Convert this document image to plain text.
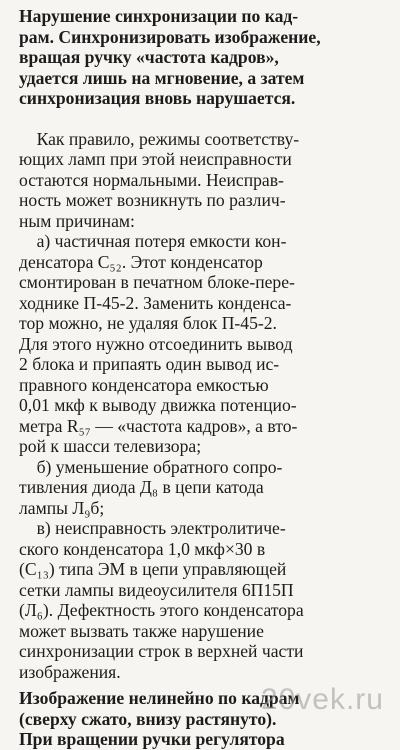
Нарушение синхронизации по кад-
рам. Синхронизировать изображение,
вращая ручку «частота кадров»,
удается лишь на мгновение, а затем
синхронизация вновь нарушается.

Как правило, режимы соответству-
ющих ламп при этой неисправности
остаются нормальными. Неисправ-
ность может возникнуть по различ-
ным причинам:

а) частичная потеря емкости кон-
денсатора С₅₂. Этот конденсатор
смонтирован в печатном блоке-пере-
ходнике П-45-2. Заменить конденса-
тор можно, не удаляя блок П-45-2.
Для этого нужно отсоединить вывод
2 блока и припаять один вывод ис-
правного конденсатора емкостью
0,01 мкф к выводу движка потенцио-
метра R₅₇ — «частота кадров», а вто-
рой к шасси телевизора;

б) уменьшение обратного сопро-
тивления диода Д₈ в цепи катода
лампы Л₉б;

в) неисправность электролитиче-
ского конденсатора 1,0 мкф×30 в
(С₁₃) типа ЭМ в цепи управляющей
сетки лампы видеоусилителя 6П15П
(Л₆). Дефектность этого конденсатора
может вызвать также нарушение
синхронизации строк в верхней части
изображения.

Изображение нелинейно по кадрам
(сверху сжато, внизу растянуто).
При вращении ручки регулятора

20vek.ru
